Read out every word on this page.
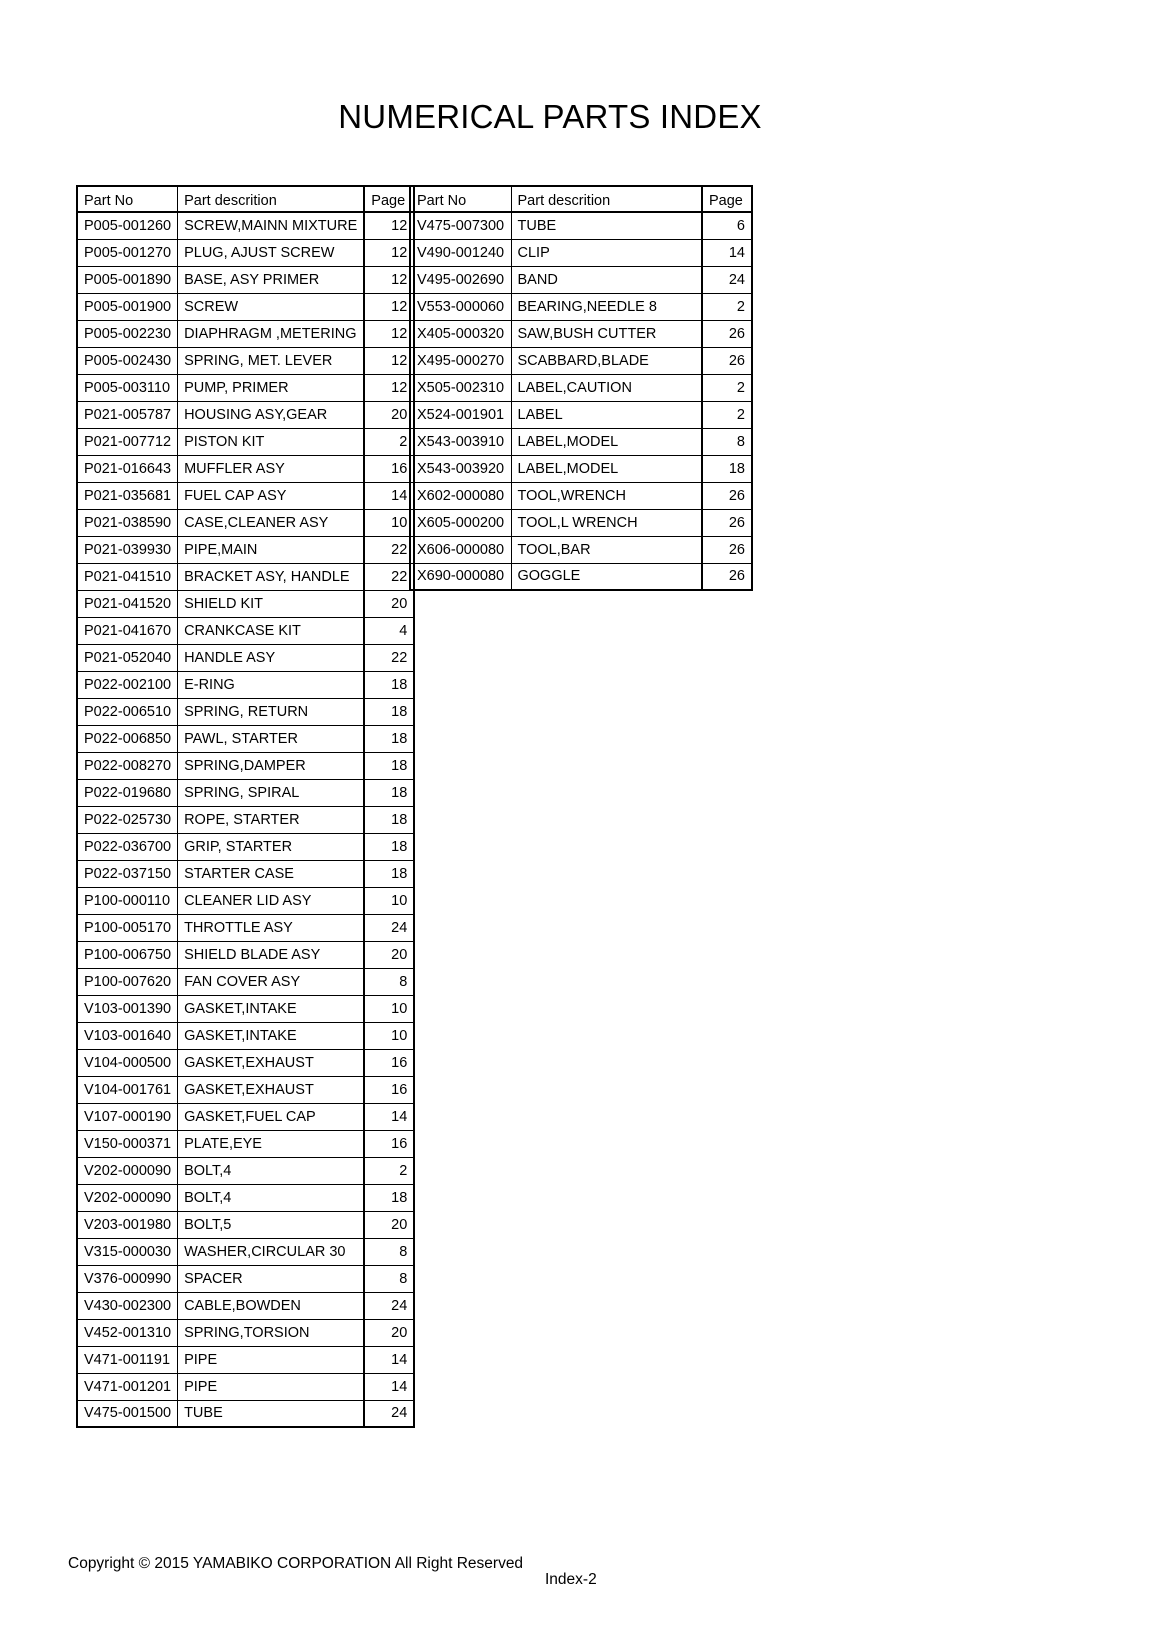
NUMERICAL PARTS INDEX
Part No	Part descrition	Page
P005-001260	SCREW,MAINN MIXTURE	12
P005-001270	PLUG, AJUST SCREW	12
P005-001890	BASE, ASY PRIMER	12
P005-001900	SCREW	12
P005-002230	DIAPHRAGM ,METERING	12
P005-002430	SPRING, MET. LEVER	12
P005-003110	PUMP, PRIMER	12
P021-005787	HOUSING ASY,GEAR	20
P021-007712	PISTON KIT	2
P021-016643	MUFFLER ASY	16
P021-035681	FUEL CAP ASY	14
P021-038590	CASE,CLEANER ASY	10
P021-039930	PIPE,MAIN	22
P021-041510	BRACKET ASY, HANDLE	22
P021-041520	SHIELD KIT	20
P021-041670	CRANKCASE KIT	4
P021-052040	HANDLE ASY	22
P022-002100	E-RING	18
P022-006510	SPRING, RETURN	18
P022-006850	PAWL, STARTER	18
P022-008270	SPRING,DAMPER	18
P022-019680	SPRING, SPIRAL	18
P022-025730	ROPE, STARTER	18
P022-036700	GRIP, STARTER	18
P022-037150	STARTER CASE	18
P100-000110	CLEANER LID ASY	10
P100-005170	THROTTLE ASY	24
P100-006750	SHIELD BLADE ASY	20
P100-007620	FAN COVER ASY	8
V103-001390	GASKET,INTAKE	10
V103-001640	GASKET,INTAKE	10
V104-000500	GASKET,EXHAUST	16
V104-001761	GASKET,EXHAUST	16
V107-000190	GASKET,FUEL CAP	14
V150-000371	PLATE,EYE	16
V202-000090	BOLT,4	2
V202-000090	BOLT,4	18
V203-001980	BOLT,5	20
V315-000030	WASHER,CIRCULAR 30	8
V376-000990	SPACER	8
V430-002300	CABLE,BOWDEN	24
V452-001310	SPRING,TORSION	20
V471-001191	PIPE	14
V471-001201	PIPE	14
V475-001500	TUBE	24
Part No	Part descrition	Page
V475-007300	TUBE	6
V490-001240	CLIP	14
V495-002690	BAND	24
V553-000060	BEARING,NEEDLE 8	2
X405-000320	SAW,BUSH CUTTER	26
X495-000270	SCABBARD,BLADE	26
X505-002310	LABEL,CAUTION	2
X524-001901	LABEL	2
X543-003910	LABEL,MODEL	8
X543-003920	LABEL,MODEL	18
X602-000080	TOOL,WRENCH	26
X605-000200	TOOL,L WRENCH	26
X606-000080	TOOL,BAR	26
X690-000080	GOGGLE	26
Copyright © 2015 YAMABIKO CORPORATION All Right Reserved
Index-2
